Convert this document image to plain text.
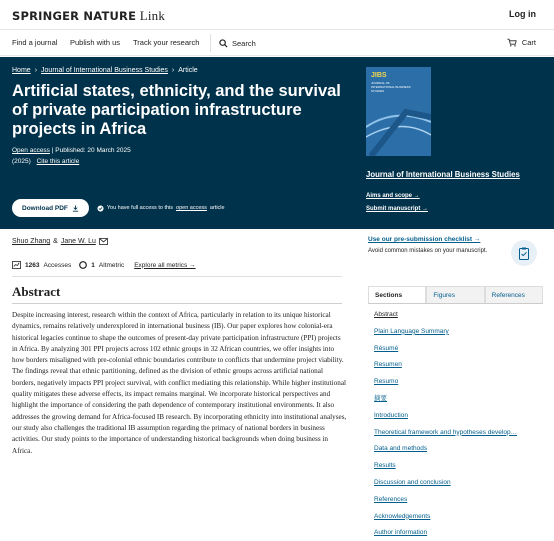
SPRINGER NATURE Link	Log in
Find a journal Publish with us Track your research	Search	Cart
Home › Journal of International Business Studies › Article
Artificial states, ethnicity, and the survival of private participation infrastructure projects in Africa
Open access | Published: 20 March 2025
(2025) Cite this article
Download PDF	You have full access to this open access article
JIBS
JOURNAL OF INTERNATIONAL BUSINESS STUDIES
Journal of International Business Studies
Aims and scope →
Submit manuscript →
Shuo Zhang & Jane W. Lu
1263 Accesses	1 Altmetric Explore all metrics →
Abstract
Despite increasing interest, research within the context of Africa, particularly in relation to its unique historical dynamics, remains relatively underexplored in international business (IB). Our paper explores how colonial-era historical legacies continue to shape the outcomes of present-day private participation infrastructure (PPI) projects in Africa. By analyzing 301 PPI projects across 102 ethnic groups in 32 African countries, we offer insights into how borders misaligned with pre-colonial ethnic boundaries contribute to conflicts that undermine project viability. The findings reveal that ethnic partitioning, defined as the division of ethnic groups across artificial national borders, negatively impacts PPI project survival, with conflict mediating this relationship. While higher institutional quality mitigates these adverse effects, its impact remains marginal. We incorporate historical perspectives and highlight the importance of considering the path dependence of contemporary institutional environments. It also addresses the growing demand for Africa-focused IB research. By incorporating ethnicity into institutional analyses, our study also challenges the traditional IB assumption regarding the primacy of national borders in business activities. Our study points to the importance of understanding historical backgrounds when doing business in Africa.
Use our pre-submission checklist →
Avoid common mistakes on your manuscript.
Sections	Figures	References
Abstract
Plain Language Summary
Résumé
Resumen
Resumo
摘要
Introduction
Theoretical framework and hypotheses develop…
Data and methods
Results
Discussion and conclusion
References
Acknowledgements
Author information
